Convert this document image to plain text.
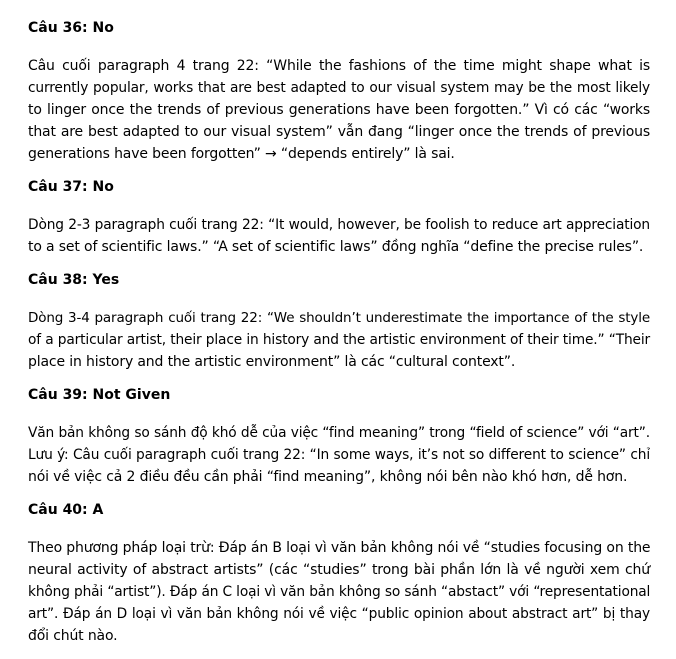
Câu 36: No
Câu cuối paragraph 4 trang 22: “While the fashions of the time might shape what is
currently popular, works that are best adapted to our visual system may be the most likely
to linger once the trends of previous generations have been forgotten.” Vì có các “works
that are best adapted to our visual system” vẫn đang “linger once the trends of previous
generations have been forgotten” → “depends entirely” là sai.
Câu 37: No
Dòng 2-3 paragraph cuối trang 22: “It would, however, be foolish to reduce art appreciation
to a set of scientific laws.” “A set of scientific laws” đồng nghĩa “define the precise rules”.
Câu 38: Yes
Dòng 3-4 paragraph cuối trang 22: “We shouldn’t underestimate the importance of the style
of a particular artist, their place in history and the artistic environment of their time.” “Their
place in history and the artistic environment” là các “cultural context”.
Câu 39: Not Given
Văn bản không so sánh độ khó dễ của việc “find meaning” trong “field of science” với “art”.
Lưu ý: Câu cuối paragraph cuối trang 22: “In some ways, it’s not so different to science” chỉ
nói về việc cả 2 điều đều cần phải “find meaning”, không nói bên nào khó hơn, dễ hơn.
Câu 40: A
Theo phương pháp loại trừ: Đáp án B loại vì văn bản không nói về “studies focusing on the
neural activity of abstract artists” (các “studies” trong bài phần lớn là về người xem chứ
không phải “artist”). Đáp án C loại vì văn bản không so sánh “abstact” với “representational
art”. Đáp án D loại vì văn bản không nói về việc “public opinion about abstract art” bị thay
đổi chút nào.
